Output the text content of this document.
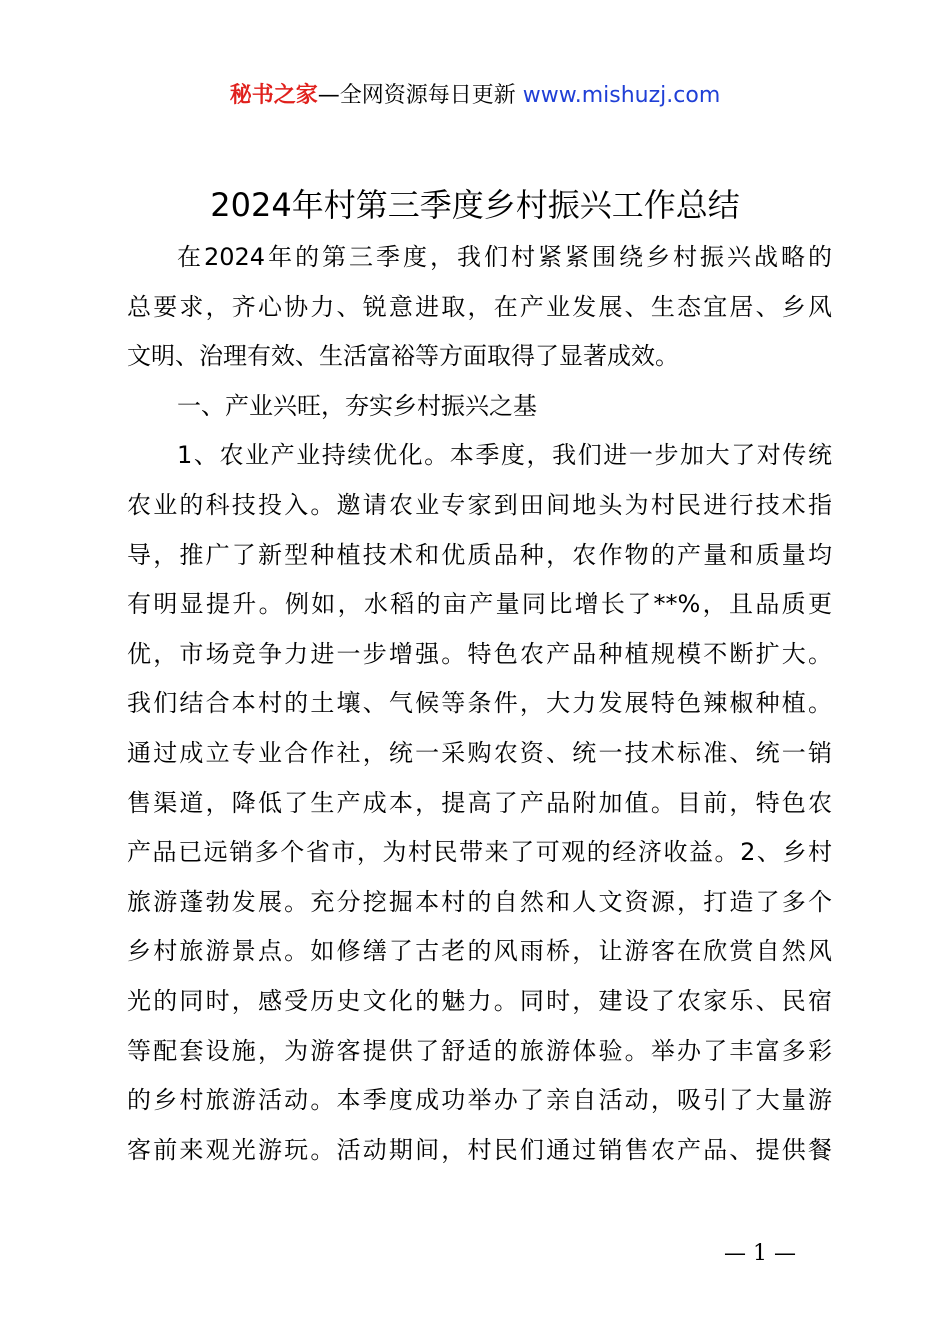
秘书之家—全网资源每日更新 www.mishuzj.com
2024年村第三季度乡村振兴工作总结
在2024年的第三季度，我们村紧紧围绕乡村振兴战略的
总要求，齐心协力、锐意进取，在产业发展、生态宜居、乡风
文明、治理有效、生活富裕等方面取得了显著成效。
一、产业兴旺，夯实乡村振兴之基
1、农业产业持续优化。本季度，我们进一步加大了对传统
农业的科技投入。邀请农业专家到田间地头为村民进行技术指
导，推广了新型种植技术和优质品种，农作物的产量和质量均
有明显提升。例如，水稻的亩产量同比增长了**%，且品质更
优，市场竞争力进一步增强。特色农产品种植规模不断扩大。
我们结合本村的土壤、气候等条件，大力发展特色辣椒种植。
通过成立专业合作社，统一采购农资、统一技术标准、统一销
售渠道，降低了生产成本，提高了产品附加值。目前，特色农
产品已远销多个省市，为村民带来了可观的经济收益。2、乡村
旅游蓬勃发展。充分挖掘本村的自然和人文资源，打造了多个
乡村旅游景点。如修缮了古老的风雨桥，让游客在欣赏自然风
光的同时，感受历史文化的魅力。同时，建设了农家乐、民宿
等配套设施，为游客提供了舒适的旅游体验。举办了丰富多彩
的乡村旅游活动。本季度成功举办了亲自活动，吸引了大量游
客前来观光游玩。活动期间，村民们通过销售农产品、提供餐
— 1 —
